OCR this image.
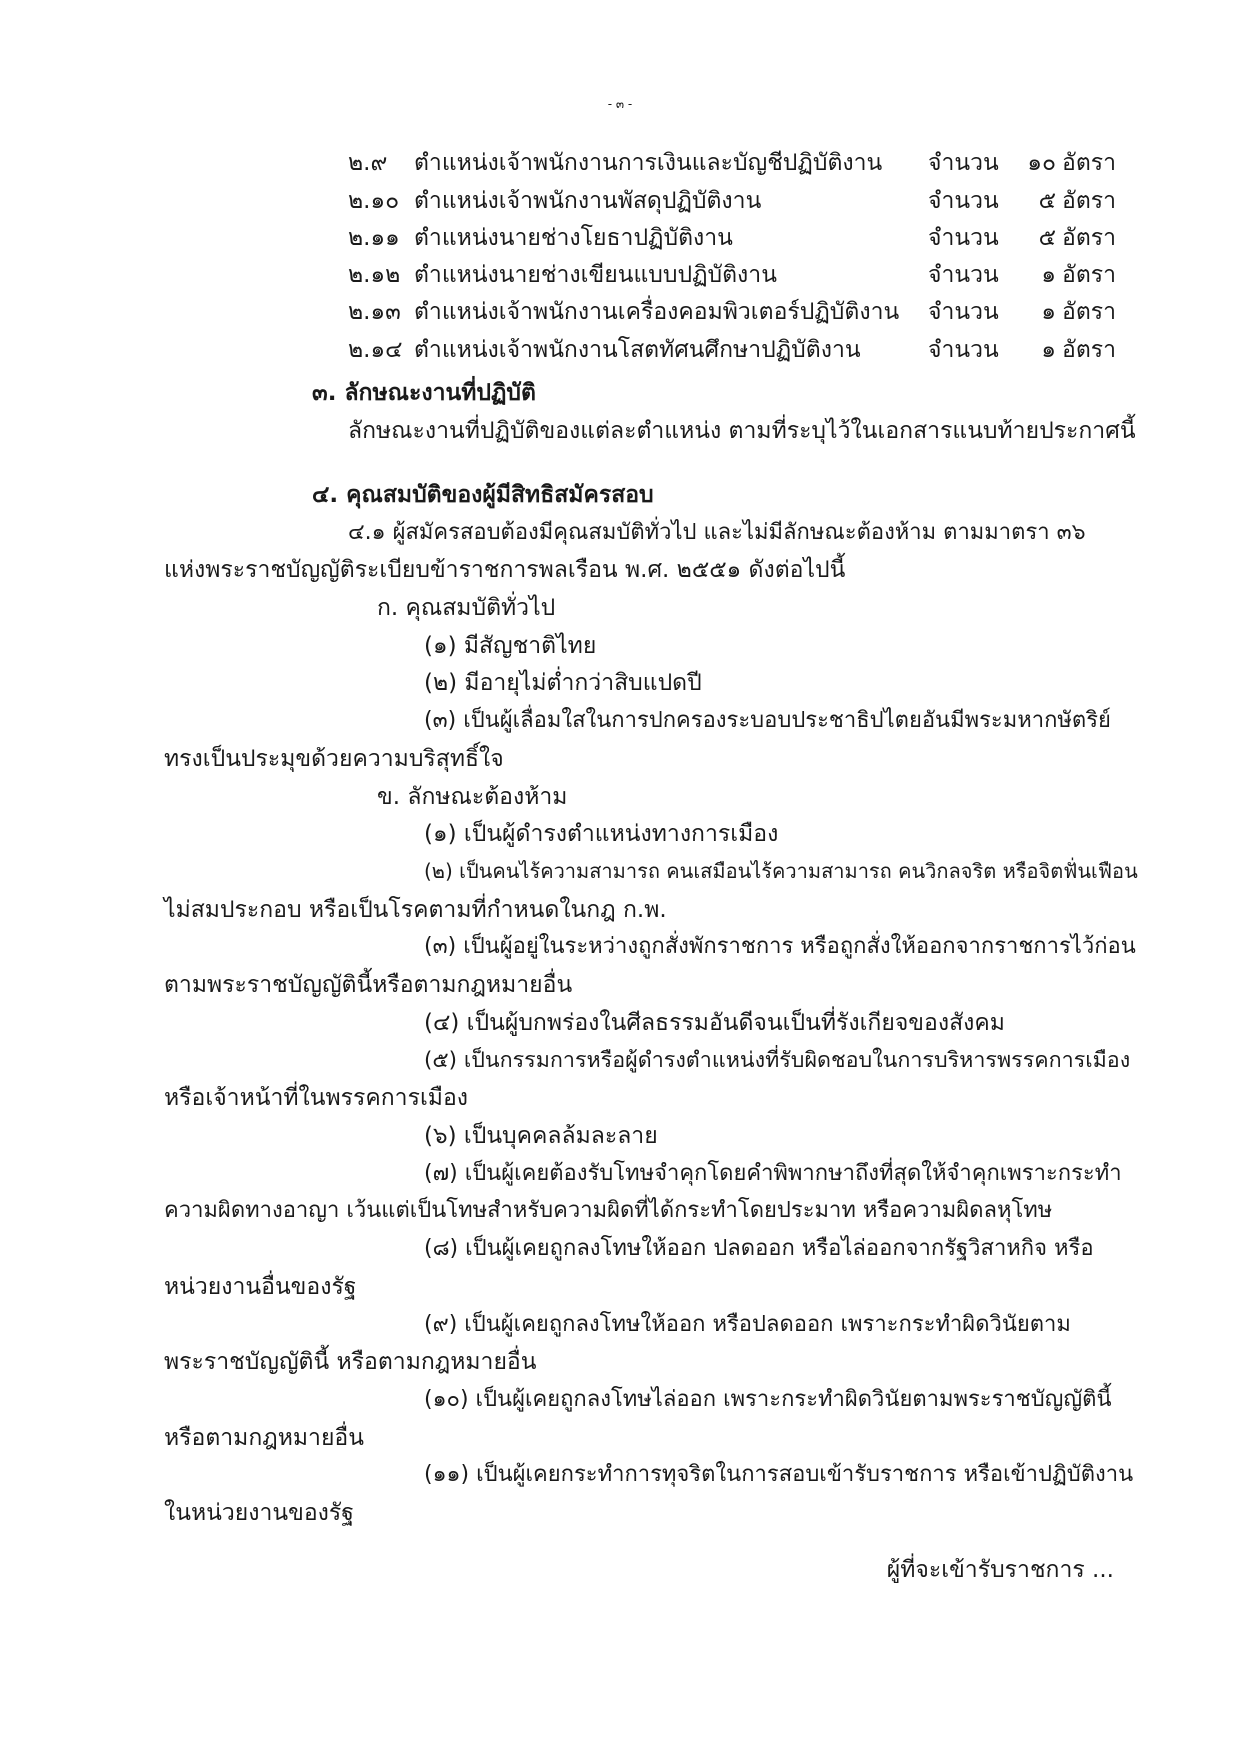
- ๓ -
๒.๙ ตำแหน่งเจ้าพนักงานการเงินและบัญชีปฏิบัติงาน จำนวน	๑๐ อัตรา
๒.๑๐ ตำแหน่งเจ้าพนักงานพัสดุปฏิบัติงาน	จำนวน	๕ อัตรา
๒.๑๑ ตำแหน่งนายช่างโยธาปฏิบัติงาน	จำนวน	๕ อัตรา
๒.๑๒ ตำแหน่งนายช่างเขียนแบบปฏิบัติงาน	จำนวน	๑ อัตรา
๒.๑๓ ตำแหน่งเจ้าพนักงานเครื่องคอมพิวเตอร์ปฏิบัติงาน จำนวน	๑ อัตรา
๒.๑๔ ตำแหน่งเจ้าพนักงานโสตทัศนศึกษาปฏิบัติงาน	จำนวน	๑ อัตรา
๓. ลักษณะงานที่ปฏิบัติ
ลักษณะงานที่ปฏิบัติของแต่ละตำแหน่ง ตามที่ระบุไว้ในเอกสารแนบท้ายประกาศนี้
๔. คุณสมบัติของผู้มีสิทธิสมัครสอบ
๔.๑ ผู้สมัครสอบต้องมีคุณสมบัติทั่วไป และไม่มีลักษณะต้องห้าม ตามมาตรา ๓๖
แห่งพระราชบัญญัติระเบียบข้าราชการพลเรือน พ.ศ. ๒๕๕๑ ดังต่อไปนี้
ก. คุณสมบัติทั่วไป
(๑) มีสัญชาติไทย
(๒) มีอายุไม่ต่ำกว่าสิบแปดปี
(๓) เป็นผู้เลื่อมใสในการปกครองระบอบประชาธิปไตยอันมีพระมหากษัตริย์
ทรงเป็นประมุขด้วยความบริสุทธิ์ใจ
ข. ลักษณะต้องห้าม
(๑) เป็นผู้ดำรงตำแหน่งทางการเมือง
(๒) เป็นคนไร้ความสามารถ คนเสมือนไร้ความสามารถ คนวิกลจริต หรือจิตฟั่นเฟือน
ไม่สมประกอบ หรือเป็นโรคตามที่กำหนดในกฎ ก.พ.
(๓) เป็นผู้อยู่ในระหว่างถูกสั่งพักราชการ หรือถูกสั่งให้ออกจากราชการไว้ก่อน
ตามพระราชบัญญัตินี้หรือตามกฎหมายอื่น
(๔) เป็นผู้บกพร่องในศีลธรรมอันดีจนเป็นที่รังเกียจของสังคม
(๕) เป็นกรรมการหรือผู้ดำรงตำแหน่งที่รับผิดชอบในการบริหารพรรคการเมือง
หรือเจ้าหน้าที่ในพรรคการเมือง
(๖) เป็นบุคคลล้มละลาย
(๗) เป็นผู้เคยต้องรับโทษจำคุกโดยคำพิพากษาถึงที่สุดให้จำคุกเพราะกระทำ
ความผิดทางอาญา เว้นแต่เป็นโทษสำหรับความผิดที่ได้กระทำโดยประมาท หรือความผิดลหุโทษ
(๘) เป็นผู้เคยถูกลงโทษให้ออก ปลดออก หรือไล่ออกจากรัฐวิสาหกิจ หรือ
หน่วยงานอื่นของรัฐ
(๙) เป็นผู้เคยถูกลงโทษให้ออก หรือปลดออก เพราะกระทำผิดวินัยตาม
พระราชบัญญัตินี้ หรือตามกฎหมายอื่น
(๑๐) เป็นผู้เคยถูกลงโทษไล่ออก เพราะกระทำผิดวินัยตามพระราชบัญญัตินี้
หรือตามกฎหมายอื่น
(๑๑) เป็นผู้เคยกระทำการทุจริตในการสอบเข้ารับราชการ หรือเข้าปฏิบัติงาน
ในหน่วยงานของรัฐ
ผู้ที่จะเข้ารับราชการ ...
